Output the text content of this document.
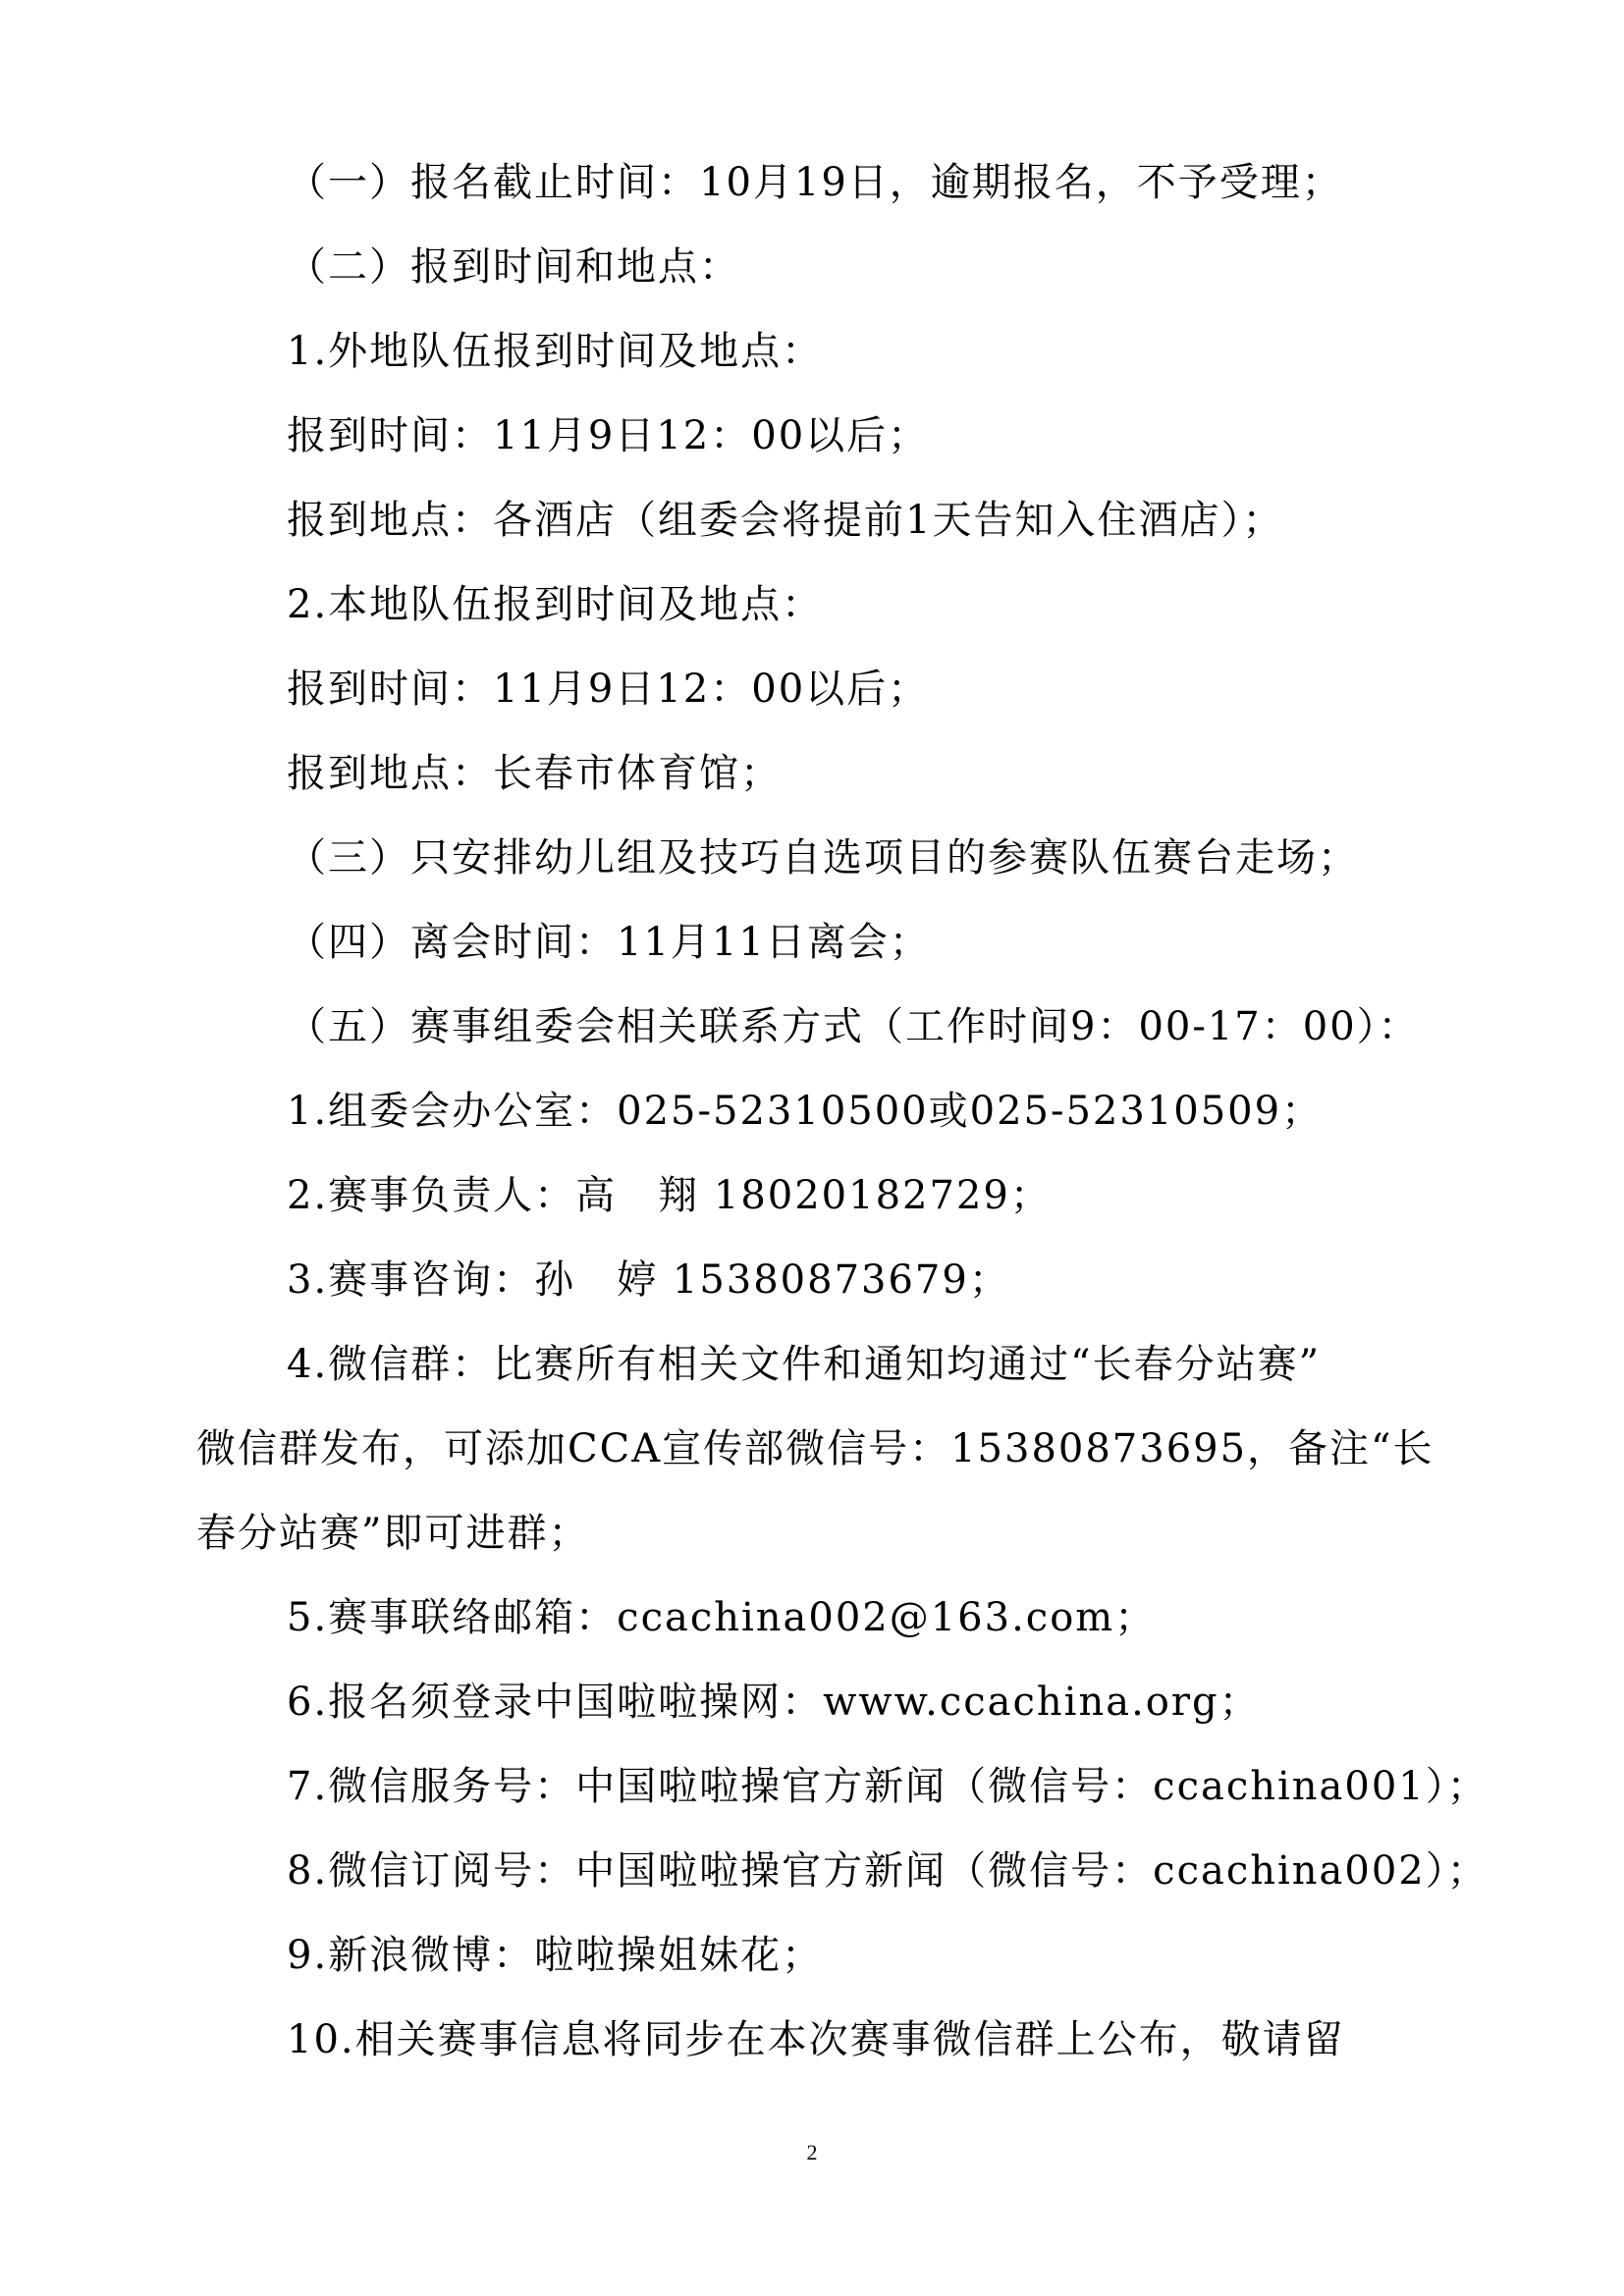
（一）报名截止时间：10月19日，逾期报名，不予受理；
（二）报到时间和地点：
1.外地队伍报到时间及地点：
报到时间：11月9日12：00以后；
报到地点：各酒店（组委会将提前1天告知入住酒店）；
2.本地队伍报到时间及地点：
报到时间：11月9日12：00以后；
报到地点：长春市体育馆；
（三）只安排幼儿组及技巧自选项目的参赛队伍赛台走场；
（四）离会时间：11月11日离会；
（五）赛事组委会相关联系方式（工作时间9：00-17：00）：
1.组委会办公室：025-52310500或025-52310509；
2.赛事负责人：高　翔 18020182729；
3.赛事咨询：孙　婷 15380873679；
4.微信群：比赛所有相关文件和通知均通过“长春分站赛”
微信群发布，可添加CCA宣传部微信号：15380873695，备注“长
春分站赛”即可进群；
5.赛事联络邮箱：ccachina002@163.com；
6.报名须登录中国啦啦操网：www.ccachina.org；
7.微信服务号：中国啦啦操官方新闻（微信号：ccachina001）；
8.微信订阅号：中国啦啦操官方新闻（微信号：ccachina002）；
9.新浪微博：啦啦操姐妹花；
10.相关赛事信息将同步在本次赛事微信群上公布，敬请留
2
